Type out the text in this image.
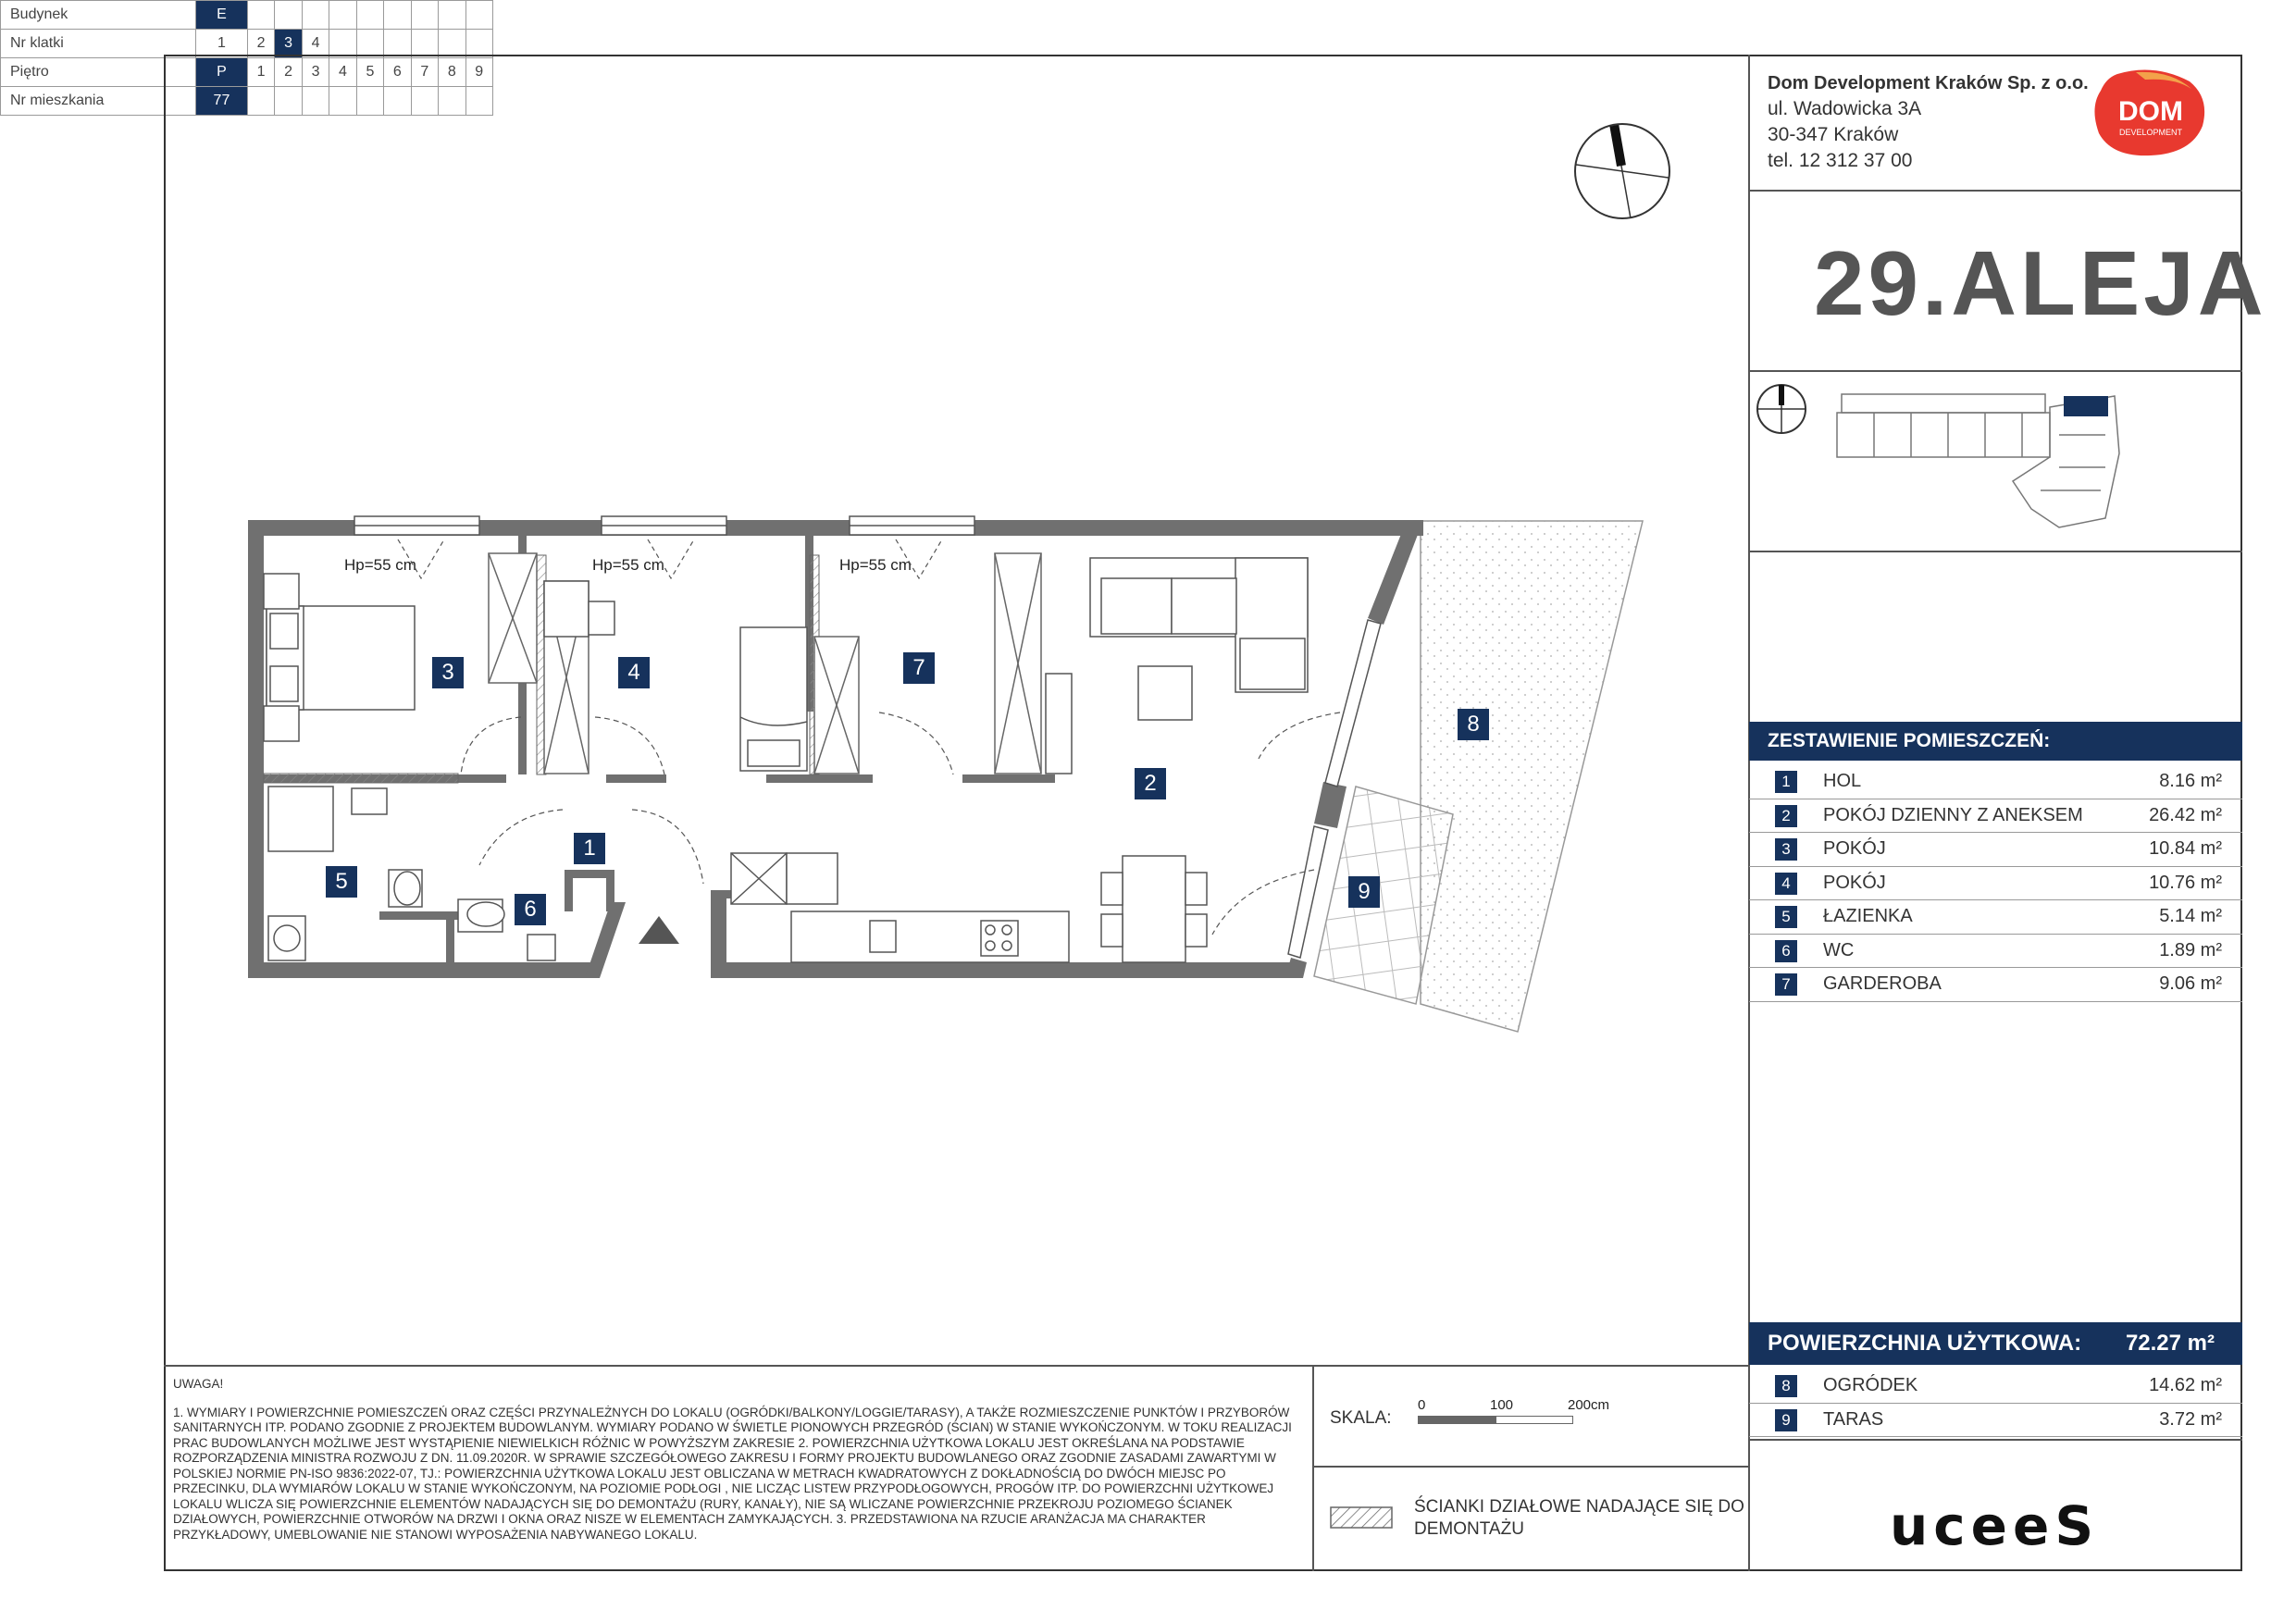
Dom Development Kraków Sp. z o.o.
ul. Wadowicka 3A
30-347 Kraków
tel. 12 312 37 00
DOM
DEVELOPMENT
29.ALEJA
Budynek	E									
Nr klatki	1	2	3	4						
Piętro	P	1	2	3	4	5	6	7	8	9
Nr mieszkania	77									
ZESTAWIENIE POMIESZCZEŃ:
1	HOL	8.16 m²
2	POKÓJ DZIENNY Z ANEKSEM	26.42 m²
3	POKÓJ	10.84 m²
4	POKÓJ	10.76 m²
5	ŁAZIENKA	5.14 m²
6	WC	1.89 m²
7	GARDEROBA	9.06 m²
POWIERZCHNIA UŻYTKOWA: 72.27 m²
8	OGRÓDEK	14.62 m²
9	TARAS	3.72 m²
UWAGA!
1. WYMIARY I POWIERZCHNIE POMIESZCZEŃ ORAZ CZĘŚCI PRZYNALEŻNYCH DO LOKALU (OGRÓDKI/BALKONY/LOGGIE/TARASY), A TAKŻE ROZMIESZCZENIE PUNKTÓW I PRZYBORÓW SANITARNYCH ITP. PODANO ZGODNIE Z PROJEKTEM BUDOWLANYM. WYMIARY PODANO W ŚWIETLE PIONOWYCH PRZEGRÓD (ŚCIAN) W STANIE WYKOŃCZONYM. W TOKU REALIZACJI PRAC BUDOWLANYCH MOŻLIWE JEST WYSTĄPIENIE NIEWIELKICH RÓŻNIC W POWYŻSZYM ZAKRESIE 2. POWIERZCHNIA UŻYTKOWA LOKALU JEST OKREŚLANA NA PODSTAWIE ROZPORZĄDZENIA MINISTRA ROZWOJU Z DN. 11.09.2020R. W SPRAWIE SZCZEGÓŁOWEGO ZAKRESU I FORMY PROJEKTU BUDOWLANEGO ORAZ ZGODNIE ZASADAMI ZAWARTYMI W POLSKIEJ NORMIE PN-ISO 9836:2022-07, TJ.: POWIERZCHNIA UŻYTKOWA LOKALU JEST OBLICZANA W METRACH KWADRATOWYCH Z DOKŁADNOŚCIĄ DO DWÓCH MIEJSC PO PRZECINKU, DLA WYMIARÓW LOKALU W STANIE WYKOŃCZONYM, NA POZIOMIE PODŁOGI , NIE LICZĄC LISTEW PRZYPODŁOGOWYCH, PROGÓW ITP. DO POWIERZCHNI UŻYTKOWEJ LOKALU WLICZA SIĘ POWIERZCHNIE ELEMENTÓW NADAJĄCYCH SIĘ DO DEMONTAŻU (RURY, KANAŁY), NIE SĄ WLICZANE POWIERZCHNIE PRZEKROJU POZIOMEGO ŚCIANEK DZIAŁOWYCH, POWIERZCHNIE OTWORÓW NA DRZWI I OKNA ORAZ NISZE W ELEMENTACH ZAMYKAJĄCYCH. 3. PRZEDSTAWIONA NA RZUCIE ARANŻACJA MA CHARAKTER PRZYKŁADOWY, UMEBLOWANIE NIE STANOWI WYPOSAŻENIA NABYWANEGO LOKALU.
SKALA:
0	100	200cm
ŚCIANKI DZIAŁOWE NADAJĄCE SIĘ DO DEMONTAŻU	uceeS
Hp=55 cm	Hp=55 cm	Hp=55 cm
1
2
3	4
5
6
7
8
9
